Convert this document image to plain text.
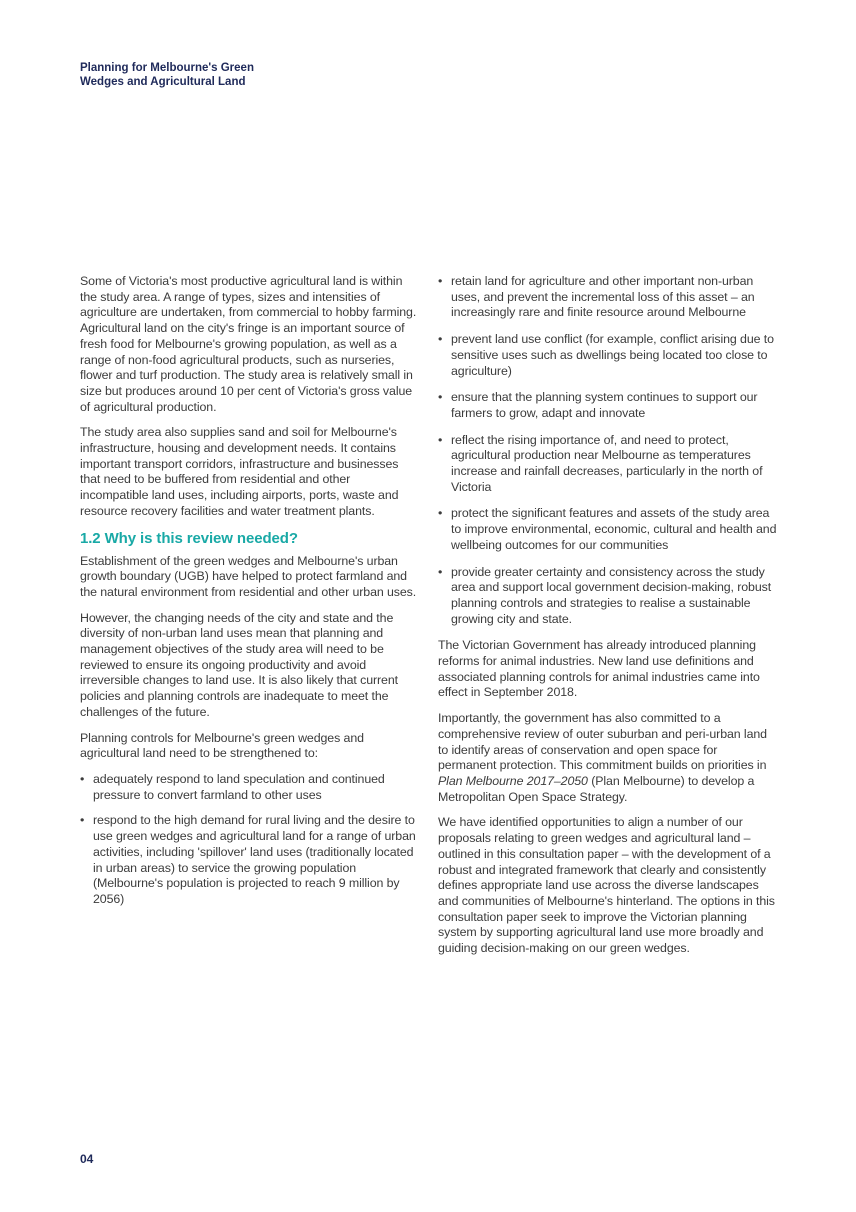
Planning for Melbourne's Green
Wedges and Agricultural Land

Some of Victoria's most productive agricultural land is within the study area. A range of types, sizes and intensities of agriculture are undertaken, from commercial to hobby farming. Agricultural land on the city's fringe is an important source of fresh food for Melbourne's growing population, as well as a range of non-food agricultural products, such as nurseries, flower and turf production. The study area is relatively small in size but produces around 10 per cent of Victoria's gross value of agricultural production.

The study area also supplies sand and soil for Melbourne's infrastructure, housing and development needs. It contains important transport corridors, infrastructure and businesses that need to be buffered from residential and other incompatible land uses, including airports, ports, waste and resource recovery facilities and water treatment plants.

1.2 Why is this review needed?

Establishment of the green wedges and Melbourne's urban growth boundary (UGB) have helped to protect farmland and the natural environment from residential and other urban uses.

However, the changing needs of the city and state and the diversity of non-urban land uses mean that planning and management objectives of the study area will need to be reviewed to ensure its ongoing productivity and avoid irreversible changes to land use. It is also likely that current policies and planning controls are inadequate to meet the challenges of the future.

Planning controls for Melbourne's green wedges and agricultural land need to be strengthened to:

• adequately respond to land speculation and continued pressure to convert farmland to other uses
• respond to the high demand for rural living and the desire to use green wedges and agricultural land for a range of urban activities, including 'spillover' land uses (traditionally located in urban areas) to service the growing population (Melbourne's population is projected to reach 9 million by 2056)
• retain land for agriculture and other important non-urban uses, and prevent the incremental loss of this asset – an increasingly rare and finite resource around Melbourne
• prevent land use conflict (for example, conflict arising due to sensitive uses such as dwellings being located too close to agriculture)
• ensure that the planning system continues to support our farmers to grow, adapt and innovate
• reflect the rising importance of, and need to protect, agricultural production near Melbourne as temperatures increase and rainfall decreases, particularly in the north of Victoria
• protect the significant features and assets of the study area to improve environmental, economic, cultural and health and wellbeing outcomes for our communities
• provide greater certainty and consistency across the study area and support local government decision-making, robust planning controls and strategies to realise a sustainable growing city and state.

The Victorian Government has already introduced planning reforms for animal industries. New land use definitions and associated planning controls for animal industries came into effect in September 2018.

Importantly, the government has also committed to a comprehensive review of outer suburban and peri-urban land to identify areas of conservation and open space for permanent protection. This commitment builds on priorities in Plan Melbourne 2017–2050 (Plan Melbourne) to develop a Metropolitan Open Space Strategy.

We have identified opportunities to align a number of our proposals relating to green wedges and agricultural land – outlined in this consultation paper – with the development of a robust and integrated framework that clearly and consistently defines appropriate land use across the diverse landscapes and communities of Melbourne's hinterland. The options in this consultation paper seek to improve the Victorian planning system by supporting agricultural land use more broadly and guiding decision-making on our green wedges.

04
